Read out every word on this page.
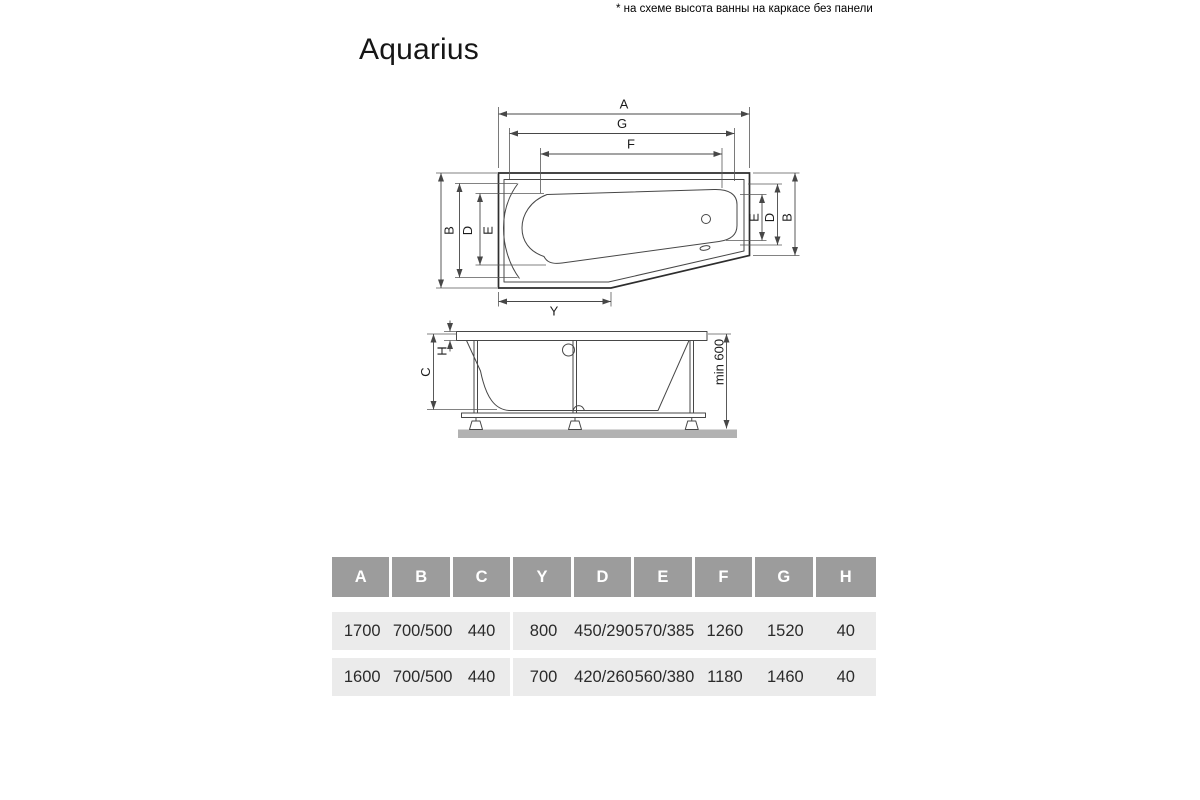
* на схеме высота ванны на каркасе без панели
Aquarius
A
G
F
B D E
E D B
Y
H
C	min 600
A	B	C	Y	D	E	F	G	H
1700 700/500 440	800	450/290 570/385 1260	1520	40
1600 700/500 440	700	420/260 560/380 1180	1460	40
